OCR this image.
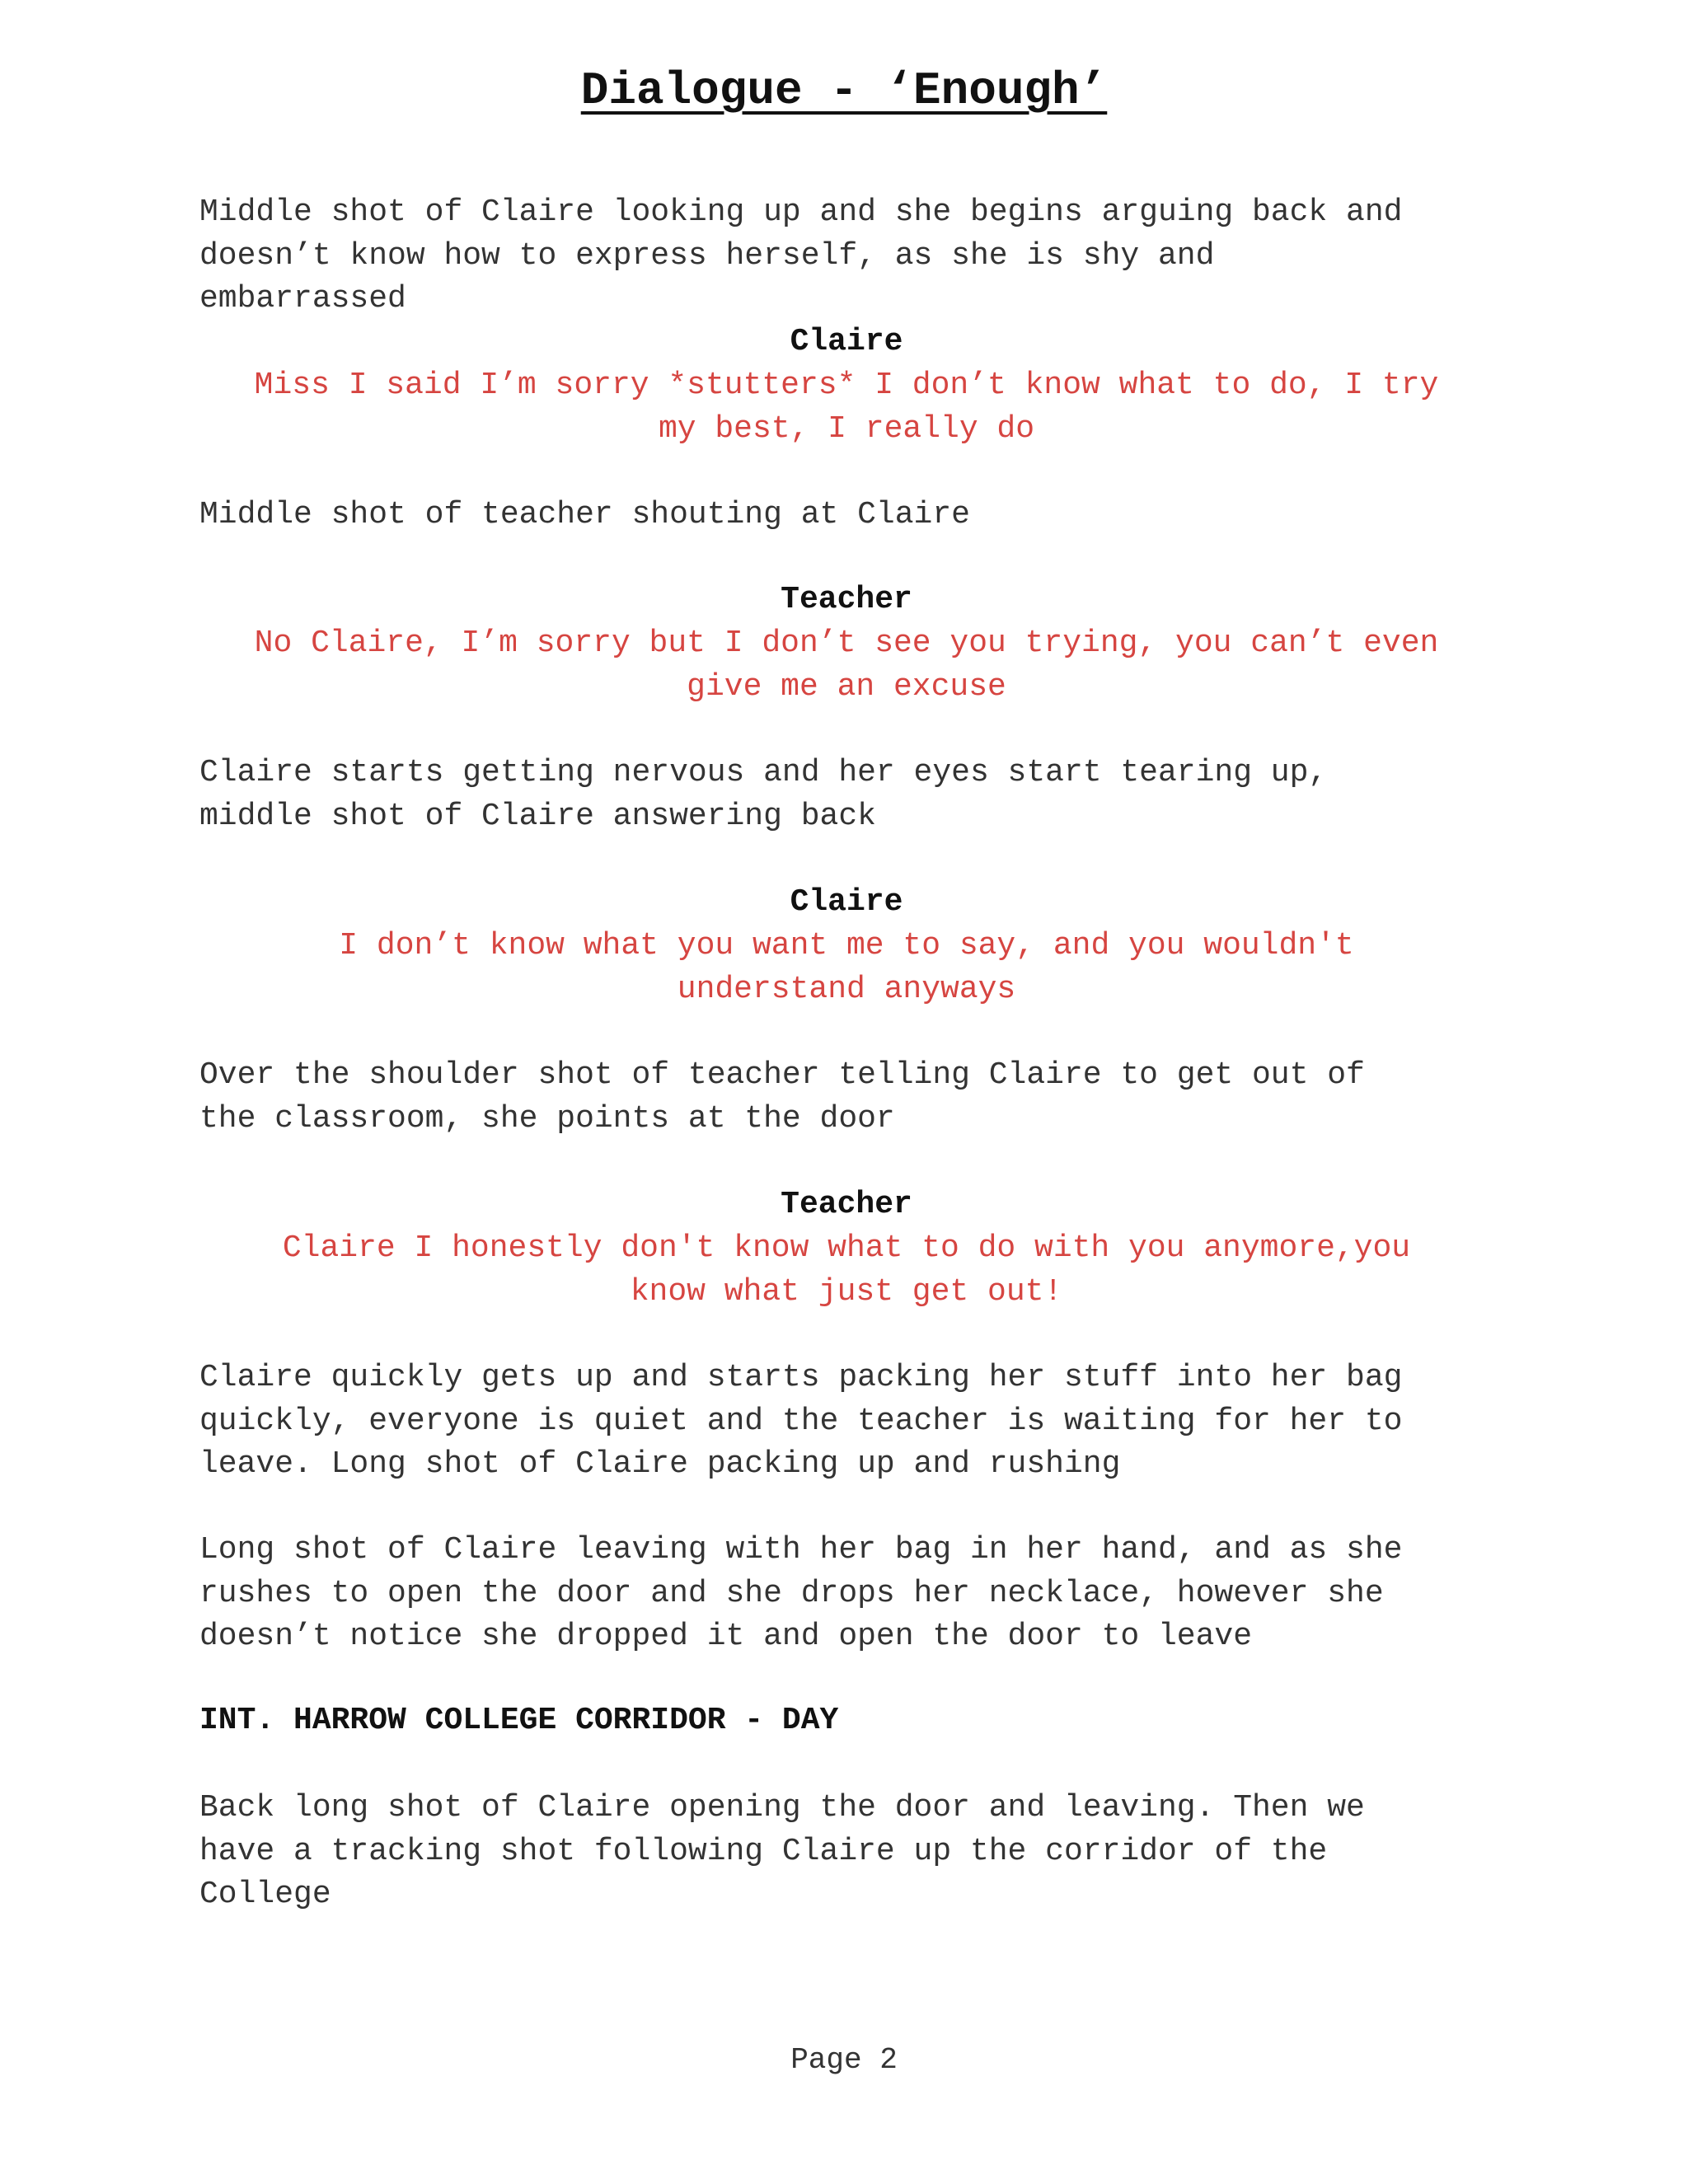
Dialogue - ‘Enough’
Middle shot of Claire looking up and she begins arguing back and
doesn’t know how to express herself, as she is shy and
embarrassed
Claire
Miss I said I’m sorry *stutters* I don’t know what to do, I try
my best, I really do
Middle shot of teacher shouting at Claire
Teacher
No Claire, I’m sorry but I don’t see you trying, you can’t even
give me an excuse
Claire starts getting nervous and her eyes start tearing up,
middle shot of Claire answering back
Claire
I don’t know what you want me to say, and you wouldn't
understand anyways
Over the shoulder shot of teacher telling Claire to get out of
the classroom, she points at the door
Teacher
Claire I honestly don't know what to do with you anymore,you
know what just get out!
Claire quickly gets up and starts packing her stuff into her bag
quickly, everyone is quiet and the teacher is waiting for her to
leave. Long shot of Claire packing up and rushing
Long shot of Claire leaving with her bag in her hand, and as she
rushes to open the door and she drops her necklace, however she
doesn’t notice she dropped it and open the door to leave
INT. HARROW COLLEGE CORRIDOR - DAY
Back long shot of Claire opening the door and leaving. Then we
have a tracking shot following Claire up the corridor of the
College
Page 2
